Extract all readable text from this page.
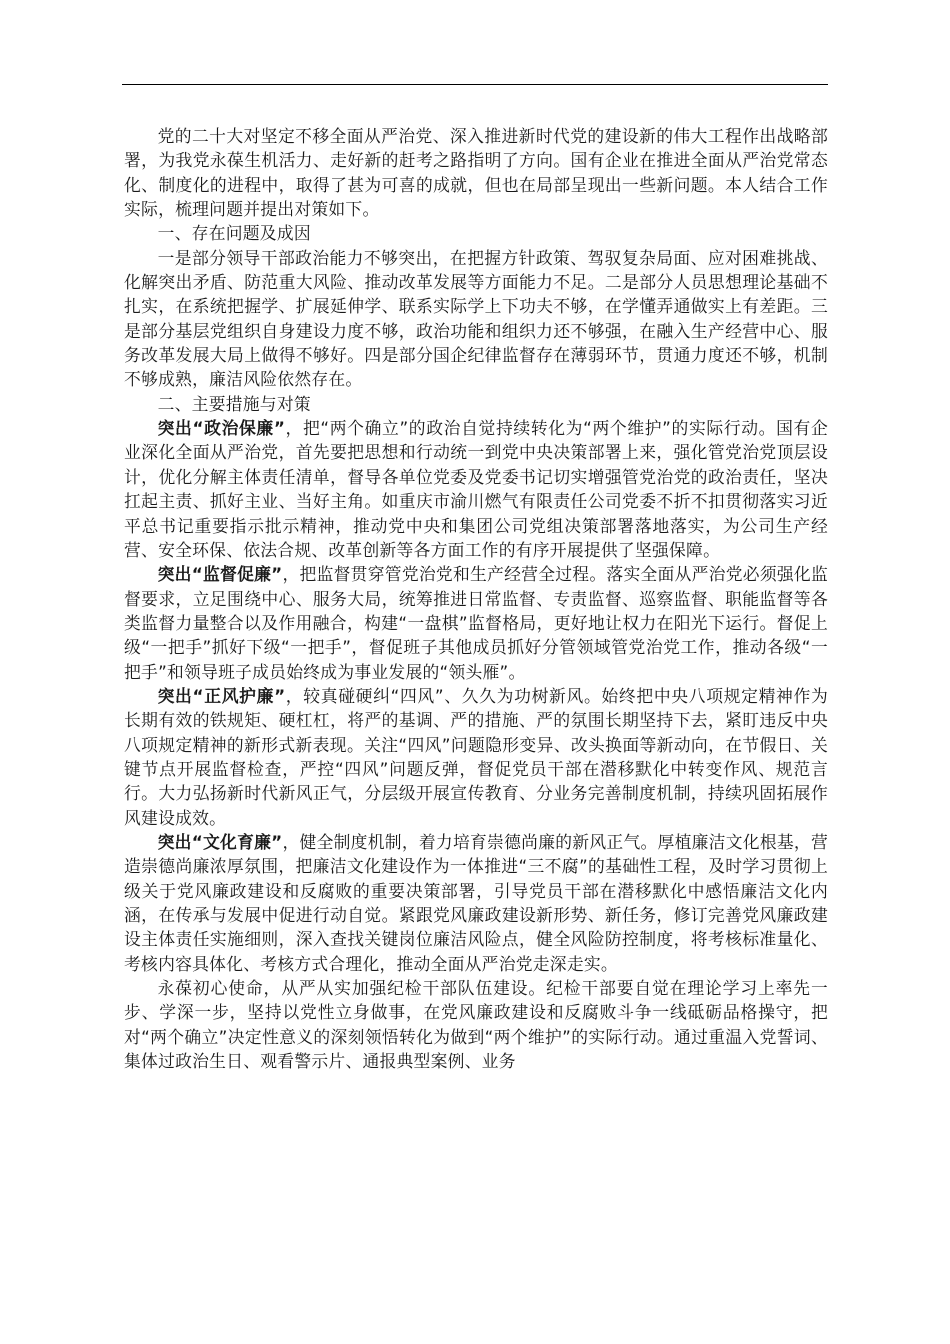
党的二十大对坚定不移全面从严治党、深入推进新时代党的建设新的伟大工程作出战略部署，为我党永葆生机活力、走好新的赶考之路指明了方向。国有企业在推进全面从严治党常态化、制度化的进程中，取得了甚为可喜的成就，但也在局部呈现出一些新问题。本人结合工作实际，梳理问题并提出对策如下。

一、存在问题及成因

一是部分领导干部政治能力不够突出，在把握方针政策、驾驭复杂局面、应对困难挑战、化解突出矛盾、防范重大风险、推动改革发展等方面能力不足。二是部分人员思想理论基础不扎实，在系统把握学、扩展延伸学、联系实际学上下功夫不够，在学懂弄通做实上有差距。三是部分基层党组织自身建设力度不够，政治功能和组织力还不够强，在融入生产经营中心、服务改革发展大局上做得不够好。四是部分国企纪律监督存在薄弱环节，贯通力度还不够，机制不够成熟，廉洁风险依然存在。

二、主要措施与对策

突出“政治保廉”，把“两个确立”的政治自觉持续转化为“两个维护”的实际行动。国有企业深化全面从严治党，首先要把思想和行动统一到党中央决策部署上来，强化管党治党顶层设计，优化分解主体责任清单，督导各单位党委及党委书记切实增强管党治党的政治责任，坚决扛起主责、抓好主业、当好主角。如重庆市渝川燃气有限责任公司党委不折不扣贯彻落实习近平总书记重要指示批示精神，推动党中央和集团公司党组决策部署落地落实，为公司生产经营、安全环保、依法合规、改革创新等各方面工作的有序开展提供了坚强保障。

突出“监督促廉”，把监督贯穿管党治党和生产经营全过程。落实全面从严治党必须强化监督要求，立足围绕中心、服务大局，统筹推进日常监督、专责监督、巡察监督、职能监督等各类监督力量整合以及作用融合，构建“一盘棋”监督格局，更好地让权力在阳光下运行。督促上级“一把手”抓好下级“一把手”，督促班子其他成员抓好分管领域管党治党工作，推动各级“一把手”和领导班子成员始终成为事业发展的“领头雁”。

突出“正风护廉”，较真碰硬纠“四风”、久久为功树新风。始终把中央八项规定精神作为长期有效的铁规矩、硬杠杠，将严的基调、严的措施、严的氛围长期坚持下去，紧盯违反中央八项规定精神的新形式新表现。关注“四风”问题隐形变异、改头换面等新动向，在节假日、关键节点开展监督检查，严控“四风”问题反弹，督促党员干部在潜移默化中转变作风、规范言行。大力弘扬新时代新风正气，分层级开展宣传教育、分业务完善制度机制，持续巩固拓展作风建设成效。

突出“文化育廉”，健全制度机制，着力培育崇德尚廉的新风正气。厚植廉洁文化根基，营造崇德尚廉浓厚氛围，把廉洁文化建设作为一体推进“三不腐”的基础性工程，及时学习贯彻上级关于党风廉政建设和反腐败的重要决策部署，引导党员干部在潜移默化中感悟廉洁文化内涵，在传承与发展中促进行动自觉。紧跟党风廉政建设新形势、新任务，修订完善党风廉政建设主体责任实施细则，深入查找关键岗位廉洁风险点，健全风险防控制度，将考核标准量化、考核内容具体化、考核方式合理化，推动全面从严治党走深走实。

永葆初心使命，从严从实加强纪检干部队伍建设。纪检干部要自觉在理论学习上率先一步、学深一步，坚持以党性立身做事，在党风廉政建设和反腐败斗争一线砥砺品格操守，把对“两个确立”决定性意义的深刻领悟转化为做到“两个维护”的实际行动。通过重温入党誓词、集体过政治生日、观看警示片、通报典型案例、业务
